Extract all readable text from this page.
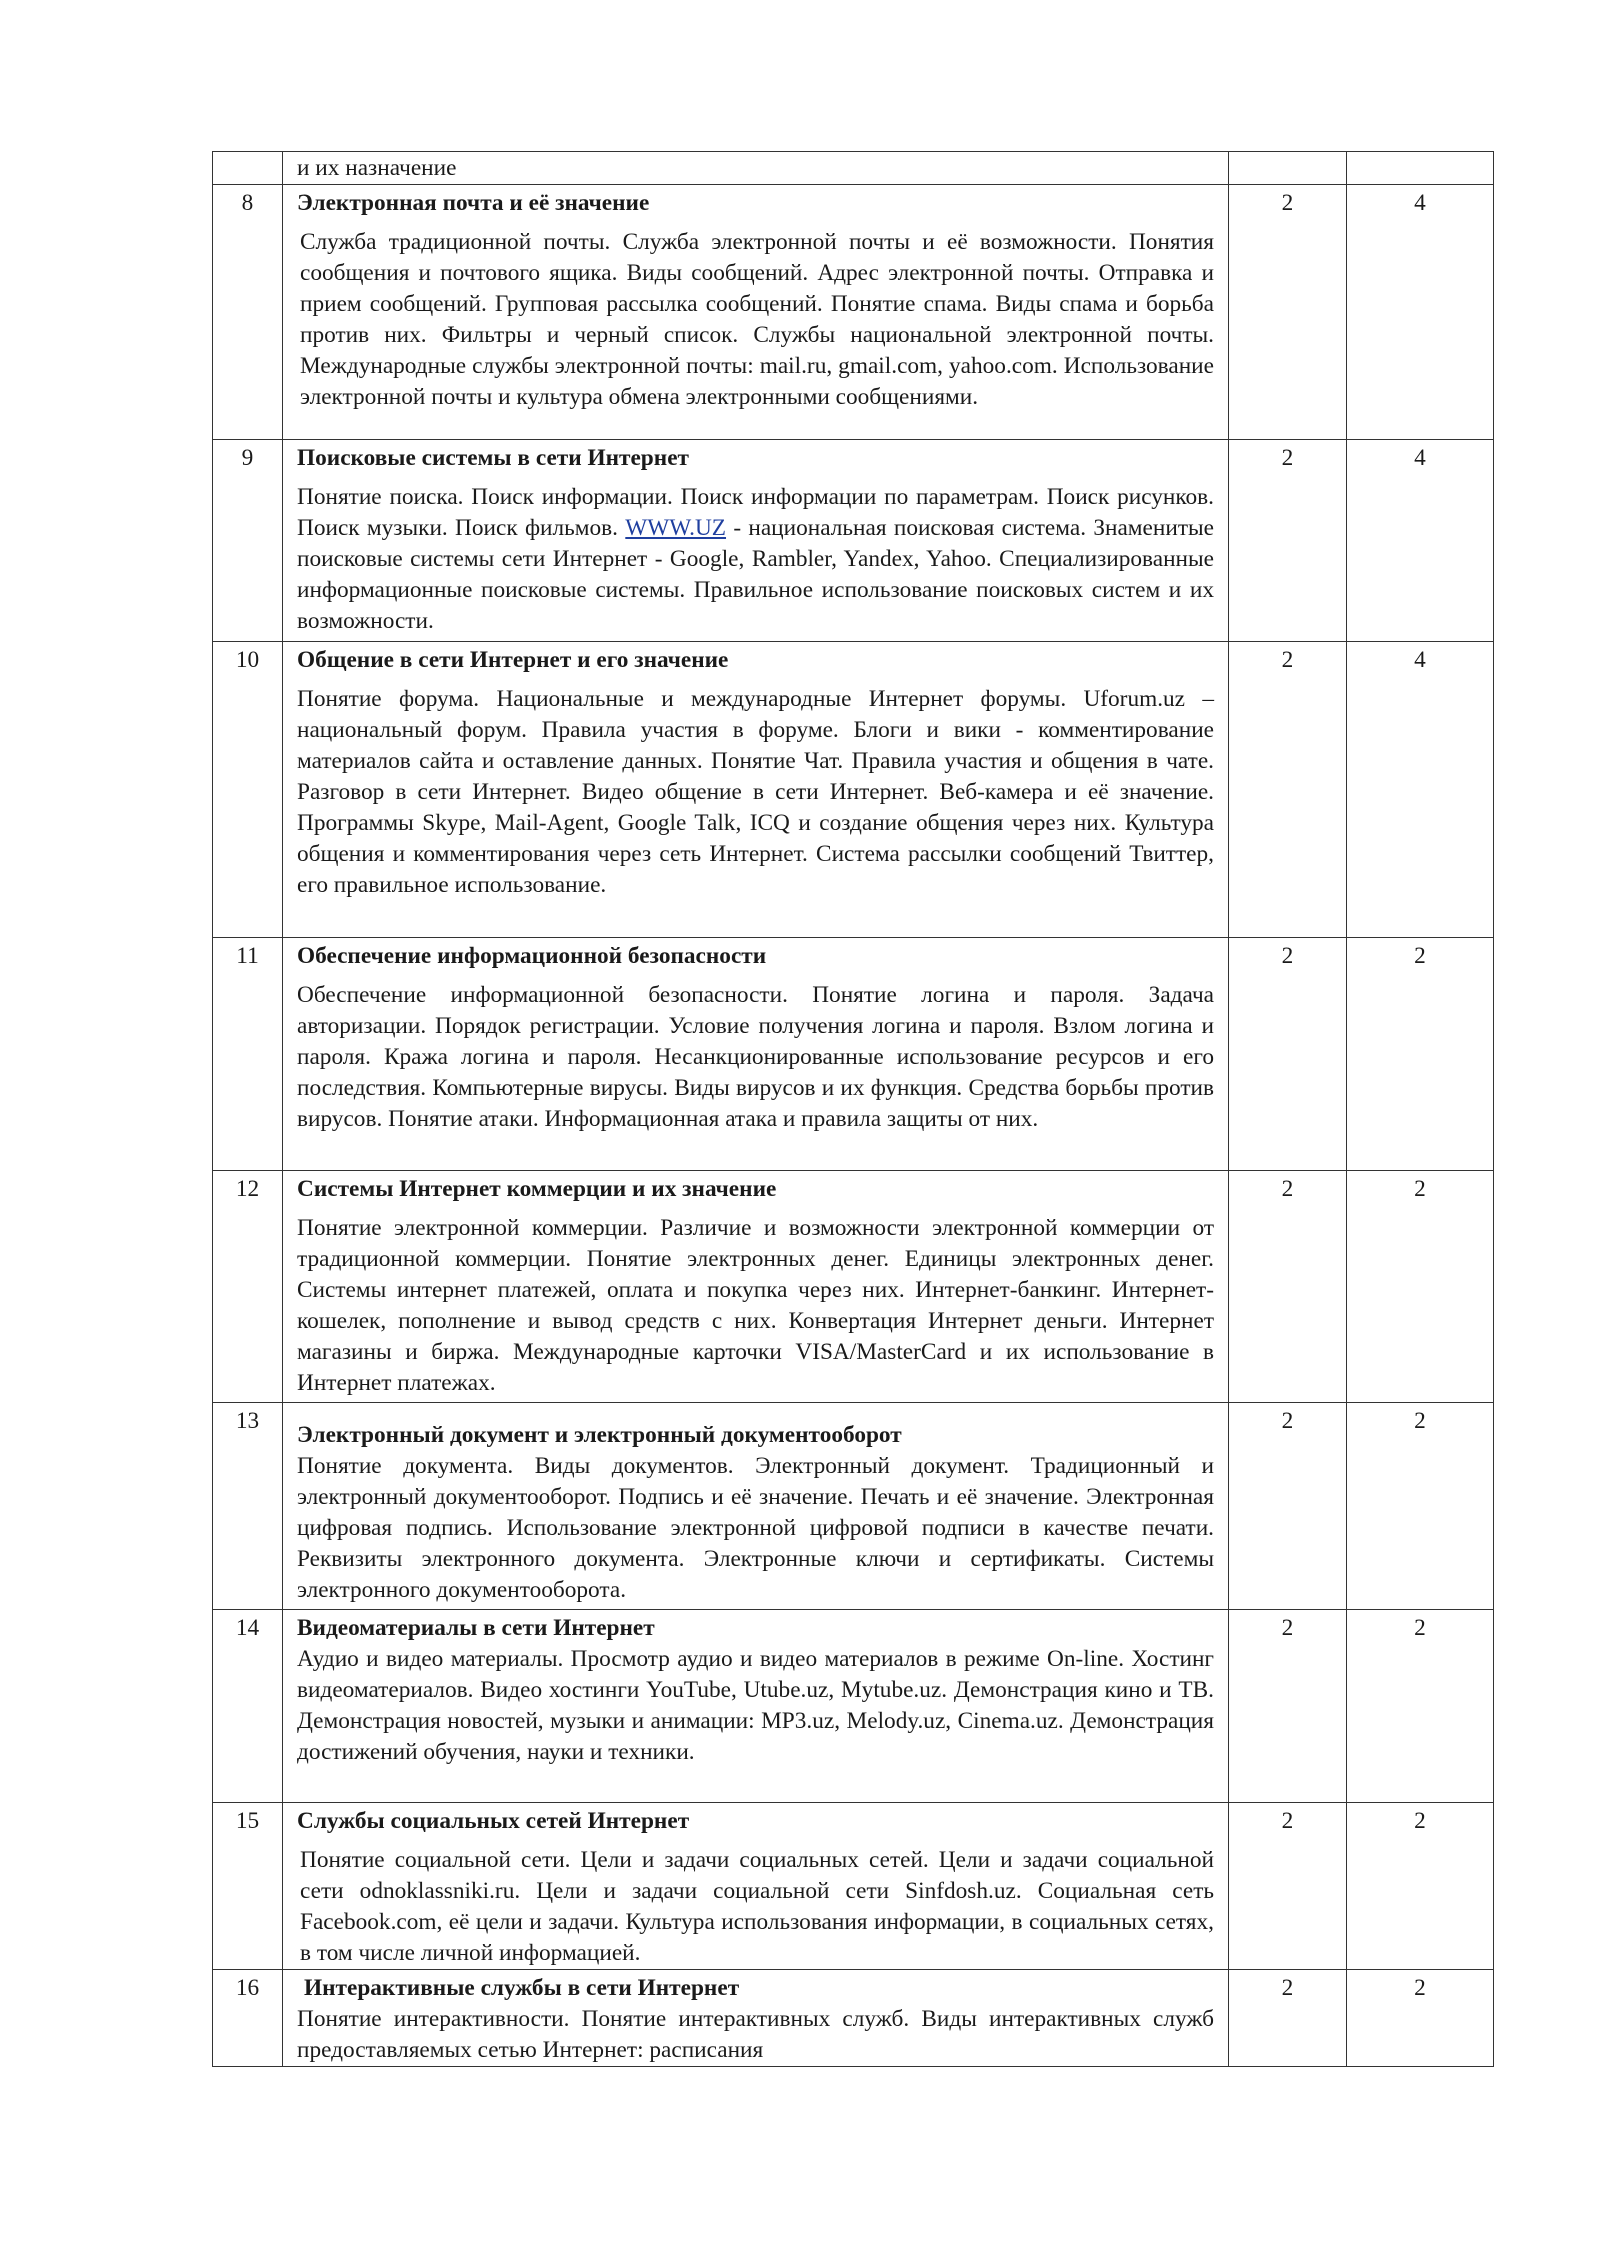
	и их назначение		

8	Электронная почта и её значение

Служба традиционной почты. Служба электронной почты и её возможности. Понятия сообщения и почтового ящика. Виды сообщений. Адрес электронной почты. Отправка и прием сообщений. Групповая рассылка сообщений. Понятие спама. Виды спама и борьба против них. Фильтры и черный список. Службы национальной электронной почты. Международные службы электронной почты: mail.ru, gmail.com, yahoo.com. Использование электронной почты и культура обмена электронными сообщениями.	2	4
9	Поисковые системы в сети Интернет

Понятие поиска. Поиск информации. Поиск информации по параметрам. Поиск рисунков. Поиск музыки. Поиск фильмов. WWW.UZ - национальная поисковая система. Знаменитые поисковые системы сети Интернет - Google, Rambler, Yandex, Yahoo. Специализированные информационные поисковые системы. Правильное использование поисковых систем и их возможности.	2	4
10	Общение в сети Интернет и его значение

Понятие форума. Национальные и международные Интернет форумы. Uforum.uz – национальный форум. Правила участия в форуме. Блоги и вики - комментирование материалов сайта и оставление данных. Понятие Чат. Правила участия и общения в чате. Разговор в сети Интернет. Видео общение в сети Интернет. Веб-камера и её значение. Программы Skype, Mail-Agent, Google Talk, ICQ и создание общения через них. Культура общения и комментирования через сеть Интернет. Система рассылки сообщений Твиттер, его правильное использование.	2	4
11	Обеспечение информационной безопасности

Обеспечение информационной безопасности. Понятие логина и пароля. Задача авторизации. Порядок регистрации. Условие получения логина и пароля. Взлом логина и пароля. Кража логина и пароля. Несанкционированные использование ресурсов и его последствия. Компьютерные вирусы. Виды вирусов и их функция. Средства борьбы против вирусов. Понятие атаки. Информационная атака и правила защиты от них.	2	2
12	Системы Интернет коммерции и их значение

Понятие электронной коммерции. Различие и возможности электронной коммерции от традиционной коммерции. Понятие электронных денег. Единицы электронных денег. Системы интернет платежей, оплата и покупка через них. Интернет-банкинг. Интернет-кошелек, пополнение и вывод средств с них. Конвертация Интернет деньги. Интернет магазины и биржа. Международные карточки VISA/MasterCard и их использование в Интернет платежах.	2	2
13	Электронный документ и электронный документооборот

Понятие документа. Виды документов. Электронный документ. Традиционный и электронный документооборот. Подпись и её значение. Печать и её значение. Электронная цифровая подпись. Использование электронной цифровой подписи в качестве печати. Реквизиты электронного документа. Электронные ключи и сертификаты. Системы электронного документооборота.	2	2
14	Видеоматериалы в сети Интернет

Аудио и видео материалы. Просмотр аудио и видео материалов в режиме On-line. Хостинг видеоматериалов. Видео хостинги YouTube, Utube.uz, Mytube.uz. Демонстрация кино и ТВ. Демонстрация новостей, музыки и анимации: MP3.uz, Melody.uz, Cinema.uz. Демонстрация достижений обучения, науки и техники.	2	2
15	Службы социальных сетей Интернет

Понятие социальной сети. Цели и задачи социальных сетей. Цели и задачи социальной сети odnoklassniki.ru. Цели и задачи социальной сети Sinfdosh.uz. Социальная сеть Facebook.com, её цели и задачи. Культура использования информации, в социальных сетях, в том числе личной информацией.	2	2
16	Интерактивные службы в сети Интернет

Понятие интерактивности. Понятие интерактивных служб. Виды интерактивных служб предоставляемых сетью Интернет: расписания	2	2
